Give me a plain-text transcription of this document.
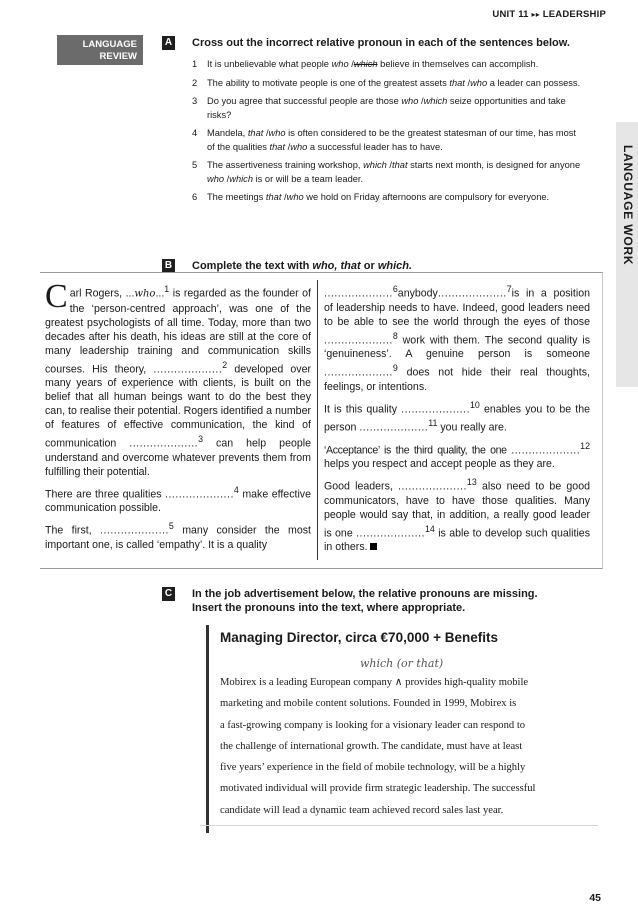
UNIT 11 ▸▸ LEADERSHIP
LANGUAGE WORK
LANGUAGE
REVIEW
A Cross out the incorrect relative pronoun in each of the sentences below.
1 It is unbelievable what people who /which believe in themselves can accomplish.
2 The ability to motivate people is one of the greatest assets that /who a leader can possess.
3 Do you agree that successful people are those who /which seize opportunities and take risks?
4 Mandela, that /who is often considered to be the greatest statesman of our time, has most of the qualities that /who a successful leader has to have.
5 The assertiveness training workshop, which /that starts next month, is designed for anyone who /which is or will be a team leader.
6 The meetings that /who we hold on Friday afternoons are compulsory for everyone.
B Complete the text with who, that or which.

Carl Rogers, ...who...$^1$ is regarded as the founder of the ‘person-centred approach’, was one of the greatest psychologists of all time. Today, more than two decades after his death, his ideas are still at the core of many leadership training and communication skills courses. His theory, ....................$^2$ developed over many years of experience with clients, is built on the belief that all human beings want to do the best they can, to realise their potential. Rogers identified a number of features of effective communication, the kind of communication ....................$^3$ can help people understand and overcome whatever prevents them from fulfilling their potential.

There are three qualities ....................$^4$ make effective communication possible.

The first, ....................$^5$ many consider the most important one, is called ‘empathy’. It is a quality

....................$^6$anybody....................$^7$is in a position of leadership needs to have. Indeed, good leaders need to be able to see the world through the eyes of those ....................$^8$ work with them. The second quality is ‘genuineness’. A genuine person is someone ....................$^9$ does not hide their real thoughts, feelings, or intentions.

It is this quality ....................$^{10}$ enables you to be the person ....................$^{11}$ you really are.

‘Acceptance’ is the third quality, the one ....................$^{12}$ helps you respect and accept people as they are.

Good leaders, ....................$^{13}$ also need to be good communicators, have to have those qualities. Many people would say that, in addition, a really good leader is one ....................$^{14}$ is able to develop such qualities in others.

C In the job advertisement below, the relative pronouns are missing.
Insert the pronouns into the text, where appropriate.
Managing Director, circa €70,000 + Benefits
which (or that)
Mobirex is a leading European company ∧ provides high-quality mobile
marketing and mobile content solutions. Founded in 1999, Mobirex is
a fast-growing company is looking for a visionary leader can respond to
the challenge of international growth. The candidate, must have at least
five years’ experience in the field of mobile technology, will be a highly
motivated individual will provide firm strategic leadership. The successful
candidate will lead a dynamic team achieved record sales last year.
45
